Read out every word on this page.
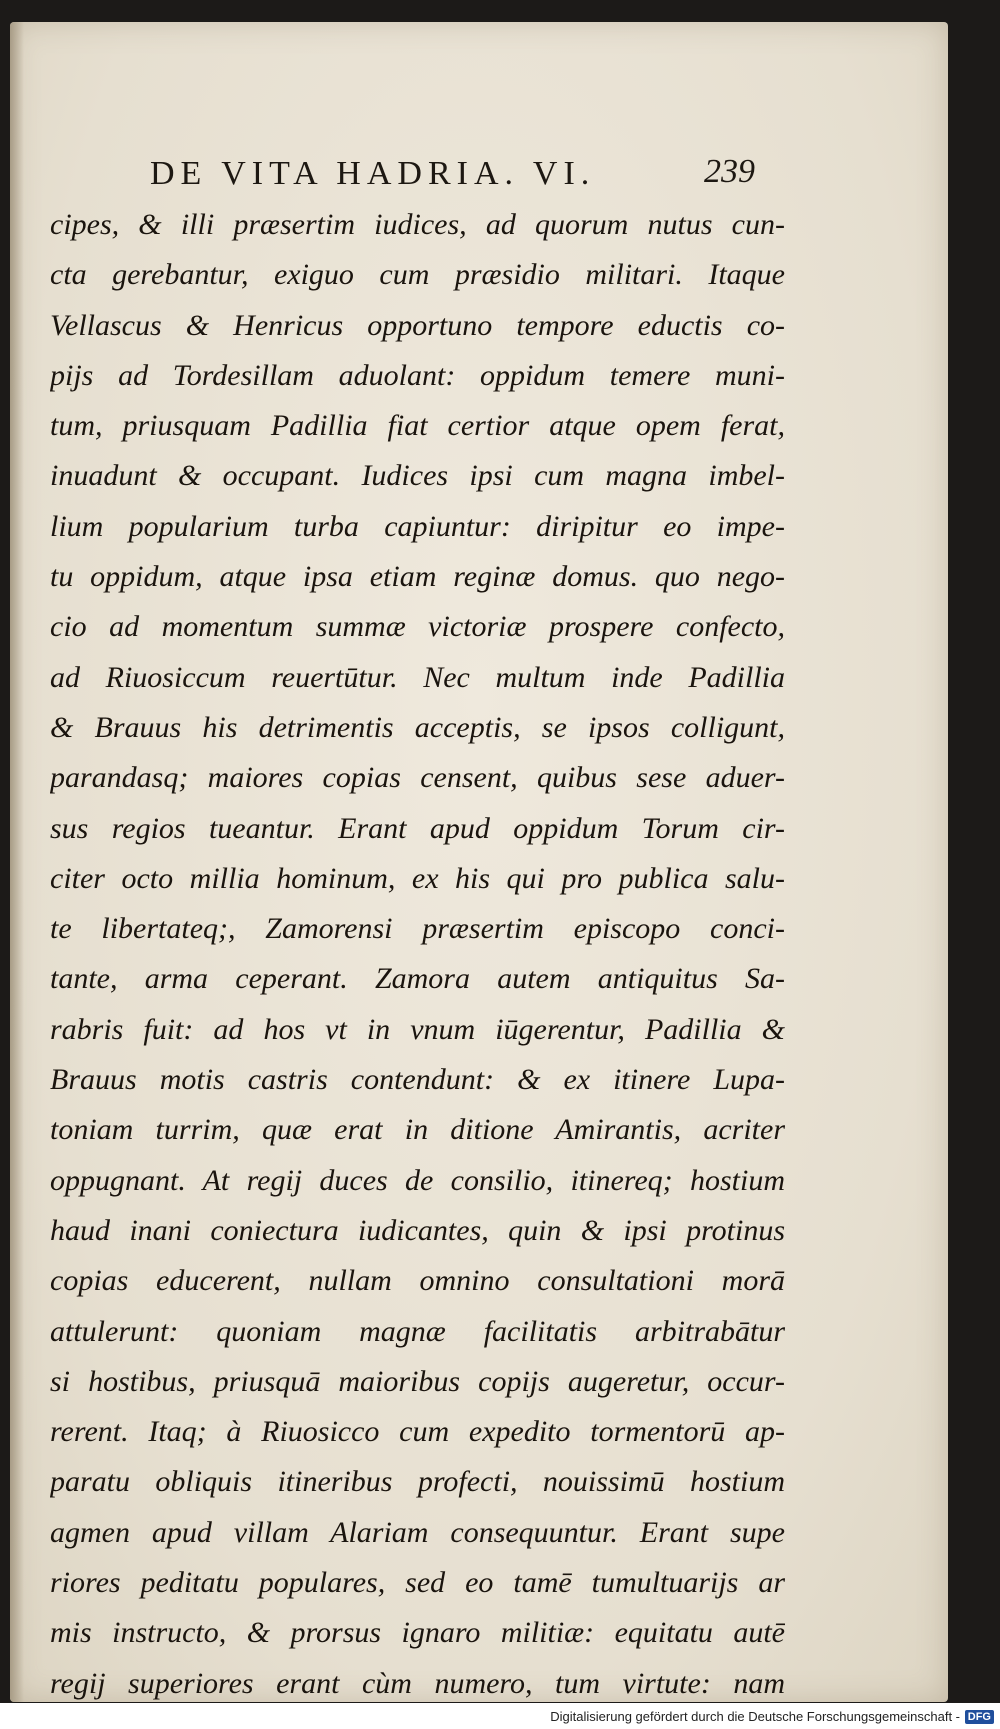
DE VITA HADRIA. VI.	239
cipes, & illi præsertim iudices, ad quorum nutus cun-
cta gerebantur, exiguo cum præsidio militari. Itaque
Vellascus & Henricus opportuno tempore eductis co-
pijs ad Tordesillam aduolant: oppidum temere muni-
tum, priusquam Padillia fiat certior atque opem ferat,
inuadunt & occupant. Iudices ipsi cum magna imbel-
lium popularium turba capiuntur: diripitur eo impe-
tu oppidum, atque ipsa etiam reginæ domus. quo nego-
cio ad momentum summæ victoriæ prospere confecto,
ad Riuosiccum reuertūtur. Nec multum inde Padillia
& Brauus his detrimentis acceptis, se ipsos colligunt,
parandasq; maiores copias censent, quibus sese aduer-
sus regios tueantur. Erant apud oppidum Torum cir-
citer octo millia hominum, ex his qui pro publica salu-
te libertateq;, Zamorensi præsertim episcopo conci-
tante, arma ceperant. Zamora autem antiquitus Sa-
rabris fuit: ad hos vt in vnum iūgerentur, Padillia &
Brauus motis castris contendunt: & ex itinere Lupa-
toniam turrim, quæ erat in ditione Amirantis, acriter
oppugnant. At regij duces de consilio, itinereq; hostium
haud inani coniectura iudicantes, quin & ipsi protinus
copias educerent, nullam omnino consultationi morā
attulerunt: quoniam magnæ facilitatis arbitrabātur
si hostibus, priusquā maioribus copijs augeretur, occur-
rerent. Itaq; à Riuosicco cum expedito tormentorū ap-
paratu obliquis itineribus profecti, nouissimū hostium
agmen apud villam Alariam consequuntur. Erant supe
riores peditatu populares, sed eo tamē tumultuarijs ar
mis instructo, & prorsus ignaro militiæ: equitatu autē
regij superiores erant cùm numero, tum virtute: nam
Digitalisierung gefördert durch die Deutsche Forschungsgemeinschaft - DFG
